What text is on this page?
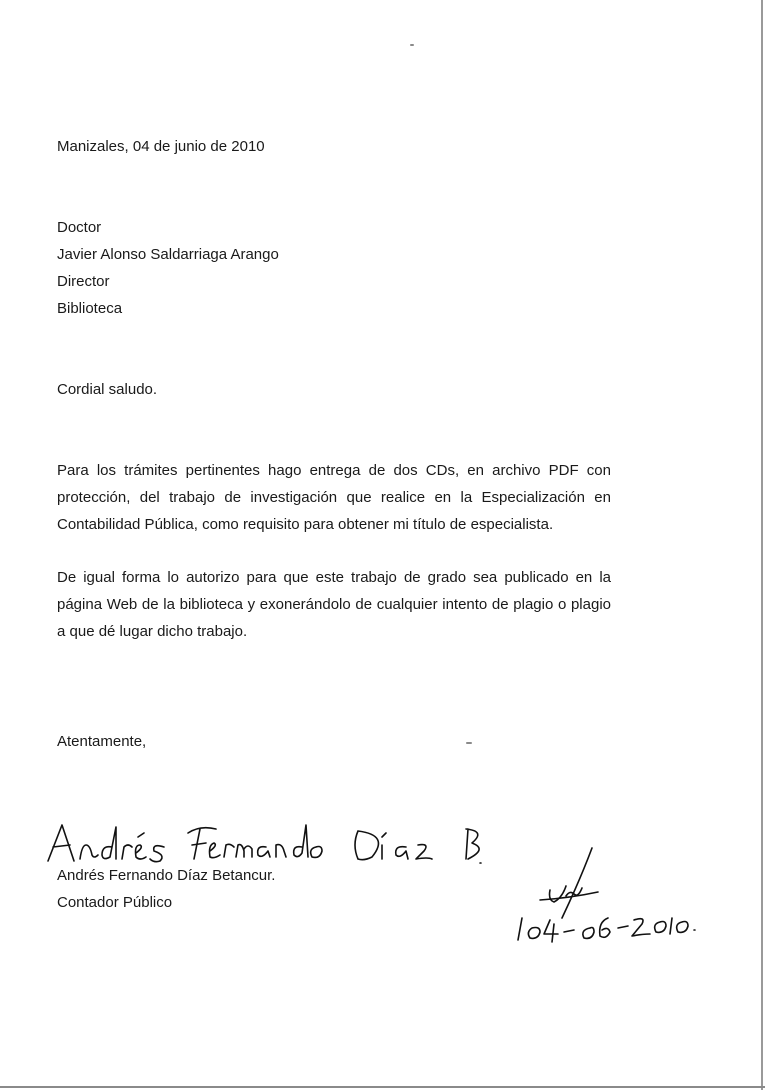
Manizales, 04 de junio de 2010
Doctor
Javier Alonso Saldarriaga Arango
Director
Biblioteca
Cordial saludo.
Para los trámites pertinentes hago entrega de dos CDs, en archivo PDF con protección, del trabajo de investigación que realice en la Especialización en Contabilidad Pública, como requisito para obtener mi título de especialista.
De igual forma lo autorizo para que este trabajo de grado sea publicado en la página Web de la biblioteca y exonerándolo de cualquier intento de plagio o plagio a que dé lugar dicho trabajo.
Atentamente,
Andrés Fernando Díaz Betancur.
Contador Público
